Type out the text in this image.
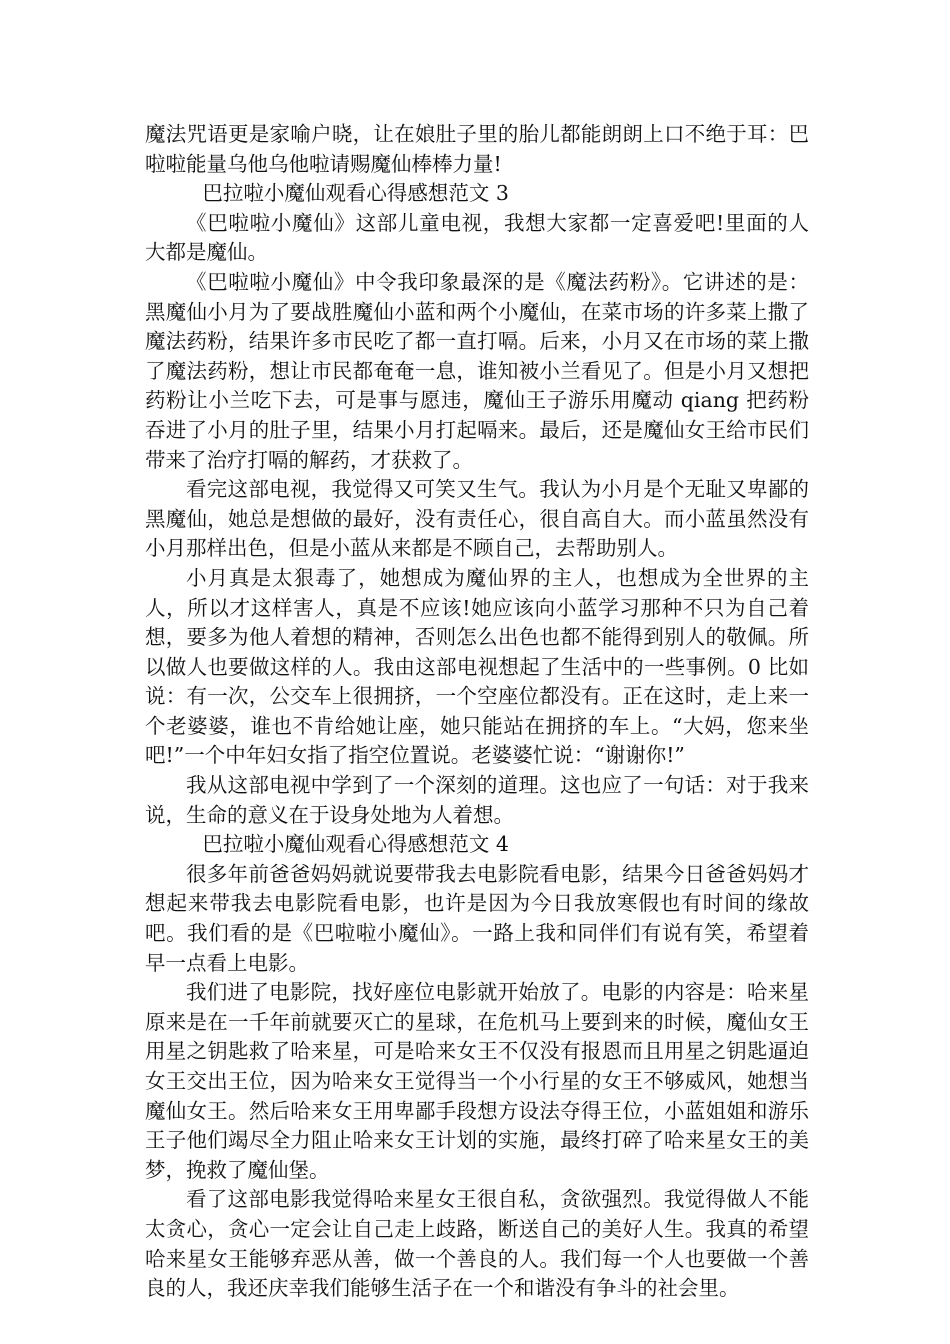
魔法咒语更是家喻户晓，让在娘肚子里的胎儿都能朗朗上口不绝于耳：巴啦啦能量乌他乌他啦请赐魔仙棒棒力量!

巴拉啦小魔仙观看心得感想范文 3

《巴啦啦小魔仙》这部儿童电视，我想大家都一定喜爱吧!里面的人大都是魔仙。

《巴啦啦小魔仙》中令我印象最深的是《魔法药粉》。它讲述的是：黑魔仙小月为了要战胜魔仙小蓝和两个小魔仙，在菜市场的许多菜上撒了魔法药粉，结果许多市民吃了都一直打嗝。后来，小月又在市场的菜上撒了魔法药粉，想让市民都奄奄一息，谁知被小兰看见了。但是小月又想把药粉让小兰吃下去，可是事与愿违，魔仙王子游乐用魔动 qiang 把药粉吞进了小月的肚子里，结果小月打起嗝来。最后，还是魔仙女王给市民们带来了治疗打嗝的解药，才获救了。

看完这部电视，我觉得又可笑又生气。我认为小月是个无耻又卑鄙的黑魔仙，她总是想做的最好，没有责任心，很自高自大。而小蓝虽然没有小月那样出色，但是小蓝从来都是不顾自己，去帮助别人。

小月真是太狠毒了，她想成为魔仙界的主人，也想成为全世界的主人，所以才这样害人，真是不应该!她应该向小蓝学习那种不只为自己着想，要多为他人着想的精神，否则怎么出色也都不能得到别人的敬佩。所以做人也要做这样的人。我由这部电视想起了生活中的一些事例。0 比如说：有一次，公交车上很拥挤，一个空座位都没有。正在这时，走上来一个老婆婆，谁也不肯给她让座，她只能站在拥挤的车上。“大妈，您来坐吧!”一个中年妇女指了指空位置说。老婆婆忙说：“谢谢你!”

我从这部电视中学到了一个深刻的道理。这也应了一句话：对于我来说，生命的意义在于设身处地为人着想。

巴拉啦小魔仙观看心得感想范文 4

很多年前爸爸妈妈就说要带我去电影院看电影，结果今日爸爸妈妈才想起来带我去电影院看电影，也许是因为今日我放寒假也有时间的缘故吧。我们看的是《巴啦啦小魔仙》。一路上我和同伴们有说有笑，希望着早一点看上电影。

我们进了电影院，找好座位电影就开始放了。电影的内容是：哈来星原来是在一千年前就要灭亡的星球，在危机马上要到来的时候，魔仙女王用星之钥匙救了哈来星，可是哈来女王不仅没有报恩而且用星之钥匙逼迫女王交出王位，因为哈来女王觉得当一个小行星的女王不够威风，她想当魔仙女王。然后哈来女王用卑鄙手段想方设法夺得王位，小蓝姐姐和游乐王子他们竭尽全力阻止哈来女王计划的实施，最终打碎了哈来星女王的美梦，挽救了魔仙堡。

看了这部电影我觉得哈来星女王很自私，贪欲强烈。我觉得做人不能太贪心，贪心一定会让自己走上歧路，断送自己的美好人生。我真的希望哈来星女王能够弃恶从善，做一个善良的人。我们每一个人也要做一个善良的人，我还庆幸我们能够生活子在一个和谐没有争斗的社会里。
